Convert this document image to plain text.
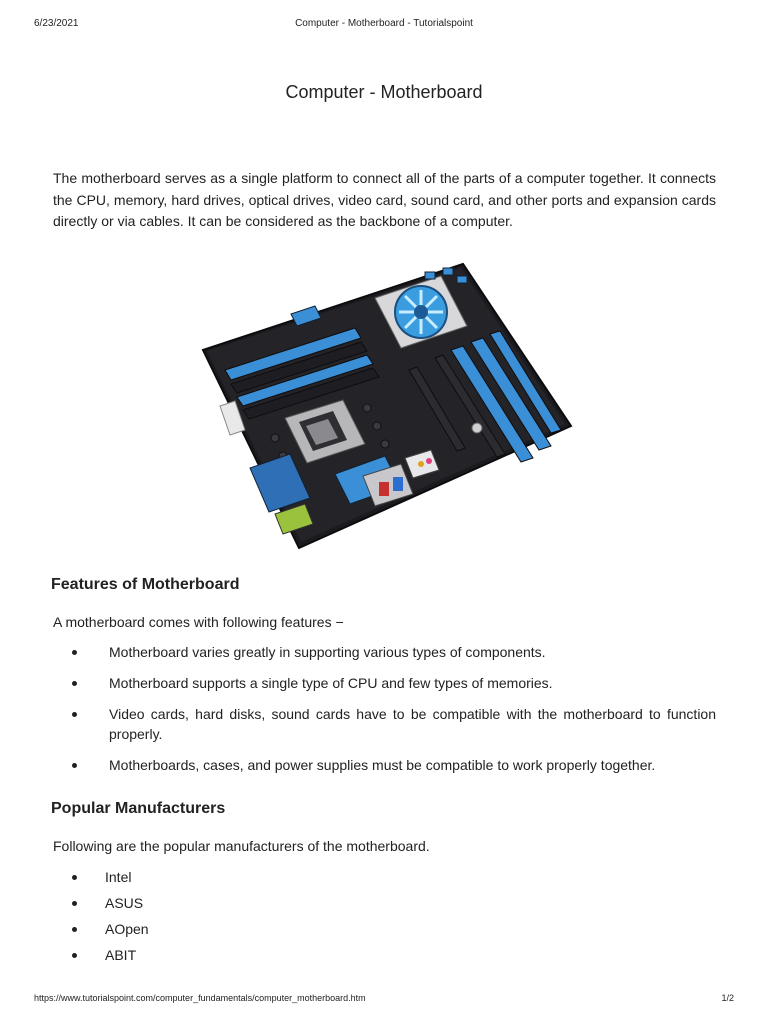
6/23/2021	Computer - Motherboard - Tutorialspoint
Computer - Motherboard
The motherboard serves as a single platform to connect all of the parts of a computer together. It connects the CPU, memory, hard drives, optical drives, video card, sound card, and other ports and expansion cards directly or via cables. It can be considered as the backbone of a computer.
Features of Motherboard
A motherboard comes with following features −
Motherboard varies greatly in supporting various types of components.
Motherboard supports a single type of CPU and few types of memories.
Video cards, hard disks, sound cards have to be compatible with the motherboard to function properly.
Motherboards, cases, and power supplies must be compatible to work properly together.
Popular Manufacturers
Following are the popular manufacturers of the motherboard.
Intel
ASUS
AOpen
ABIT
https://www.tutorialspoint.com/computer_fundamentals/computer_motherboard.htm	1/2
